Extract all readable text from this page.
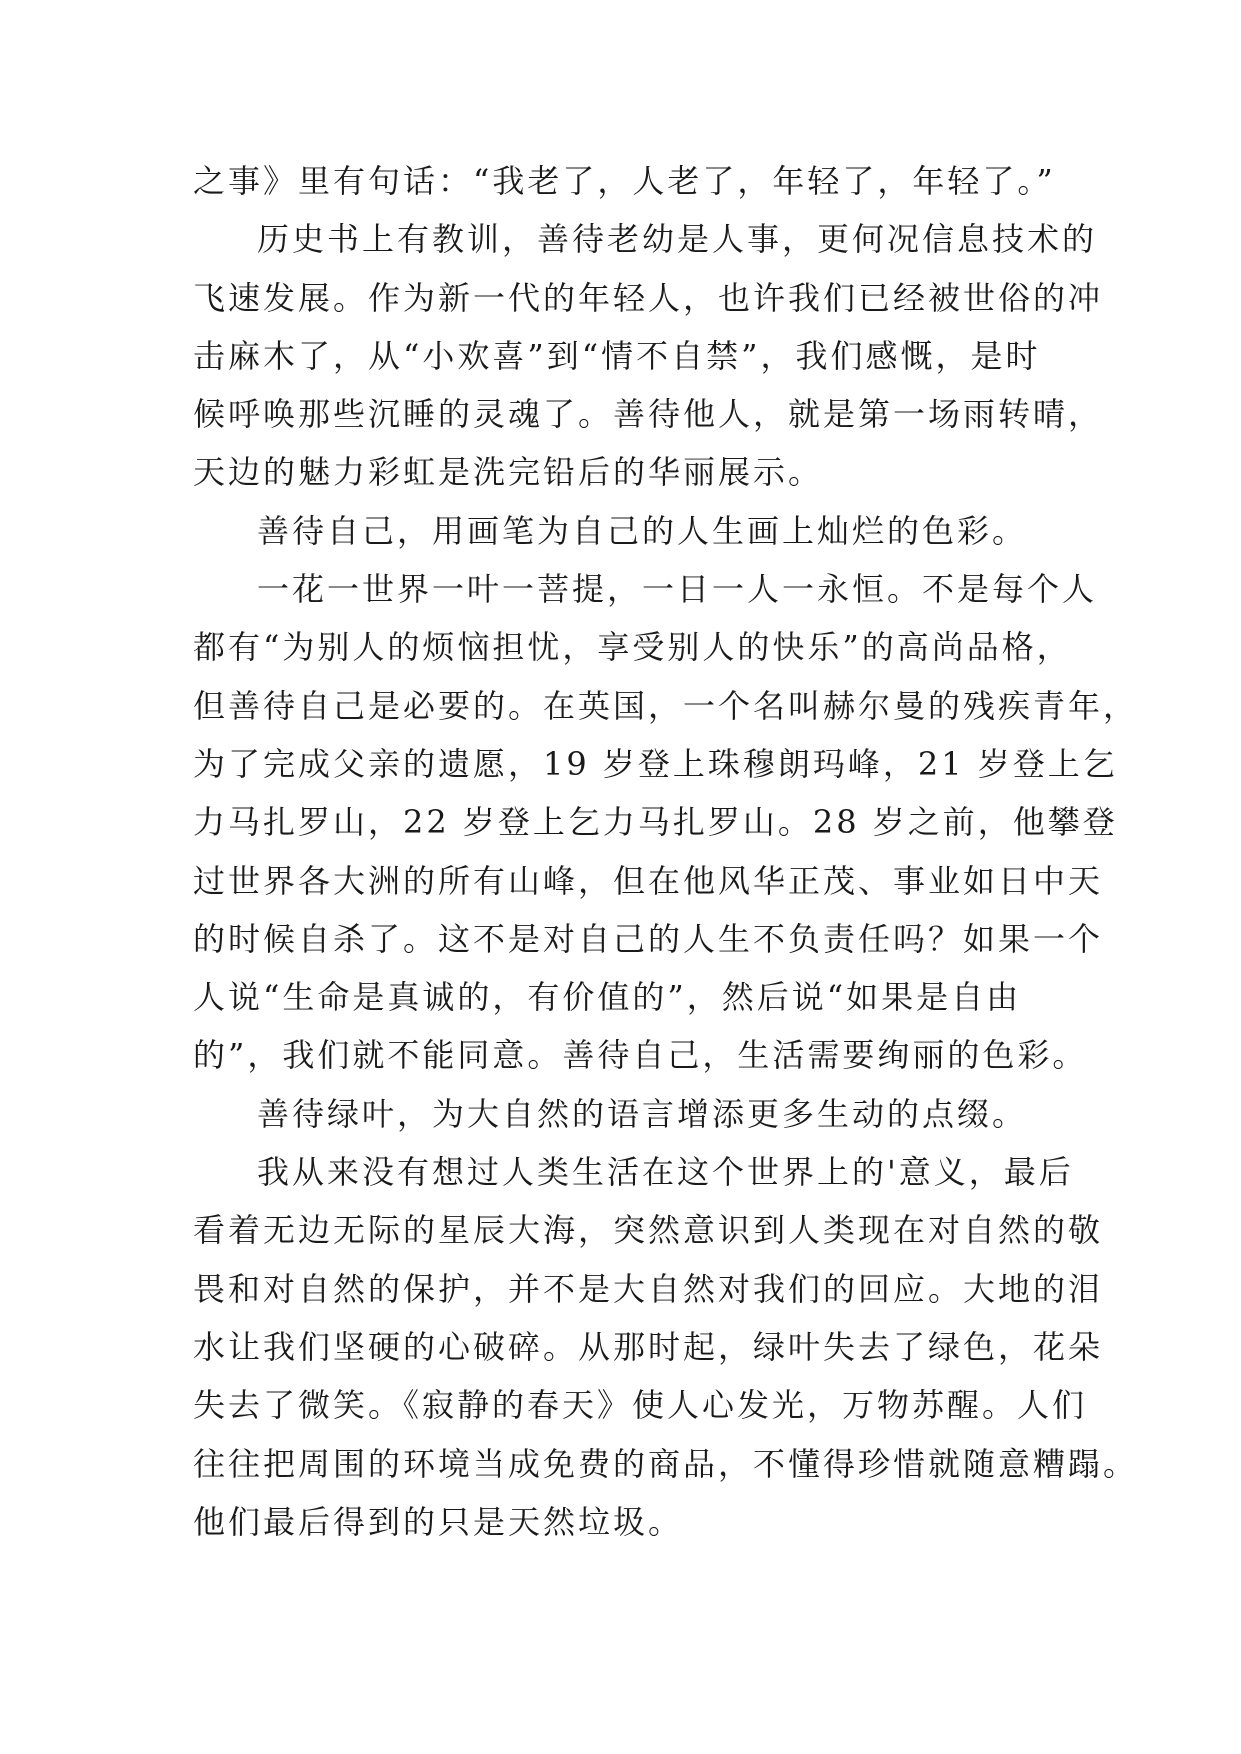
之事》里有句话：“我老了，人老了，年轻了，年轻了。”
历史书上有教训，善待老幼是人事，更何况信息技术的
飞速发展。作为新一代的年轻人，也许我们已经被世俗的冲
击麻木了，从“小欢喜”到“情不自禁”，我们感慨，是时
候呼唤那些沉睡的灵魂了。善待他人，就是第一场雨转晴，
天边的魅力彩虹是洗完铅后的华丽展示。
善待自己，用画笔为自己的人生画上灿烂的色彩。
一花一世界一叶一菩提，一日一人一永恒。不是每个人
都有“为别人的烦恼担忧，享受别人的快乐”的高尚品格，
但善待自己是必要的。在英国，一个名叫赫尔曼的残疾青年，
为了完成父亲的遗愿，19 岁登上珠穆朗玛峰，21 岁登上乞
力马扎罗山，22 岁登上乞力马扎罗山。28 岁之前，他攀登
过世界各大洲的所有山峰，但在他风华正茂、事业如日中天
的时候自杀了。这不是对自己的人生不负责任吗？如果一个
人说“生命是真诚的，有价值的”，然后说“如果是自由
的”，我们就不能同意。善待自己，生活需要绚丽的色彩。
善待绿叶，为大自然的语言增添更多生动的点缀。
我从来没有想过人类生活在这个世界上的'意义，最后
看着无边无际的星辰大海，突然意识到人类现在对自然的敬
畏和对自然的保护，并不是大自然对我们的回应。大地的泪
水让我们坚硬的心破碎。从那时起，绿叶失去了绿色，花朵
失去了微笑。《寂静的春天》使人心发光，万物苏醒。人们
往往把周围的环境当成免费的商品，不懂得珍惜就随意糟蹋。
他们最后得到的只是天然垃圾。
